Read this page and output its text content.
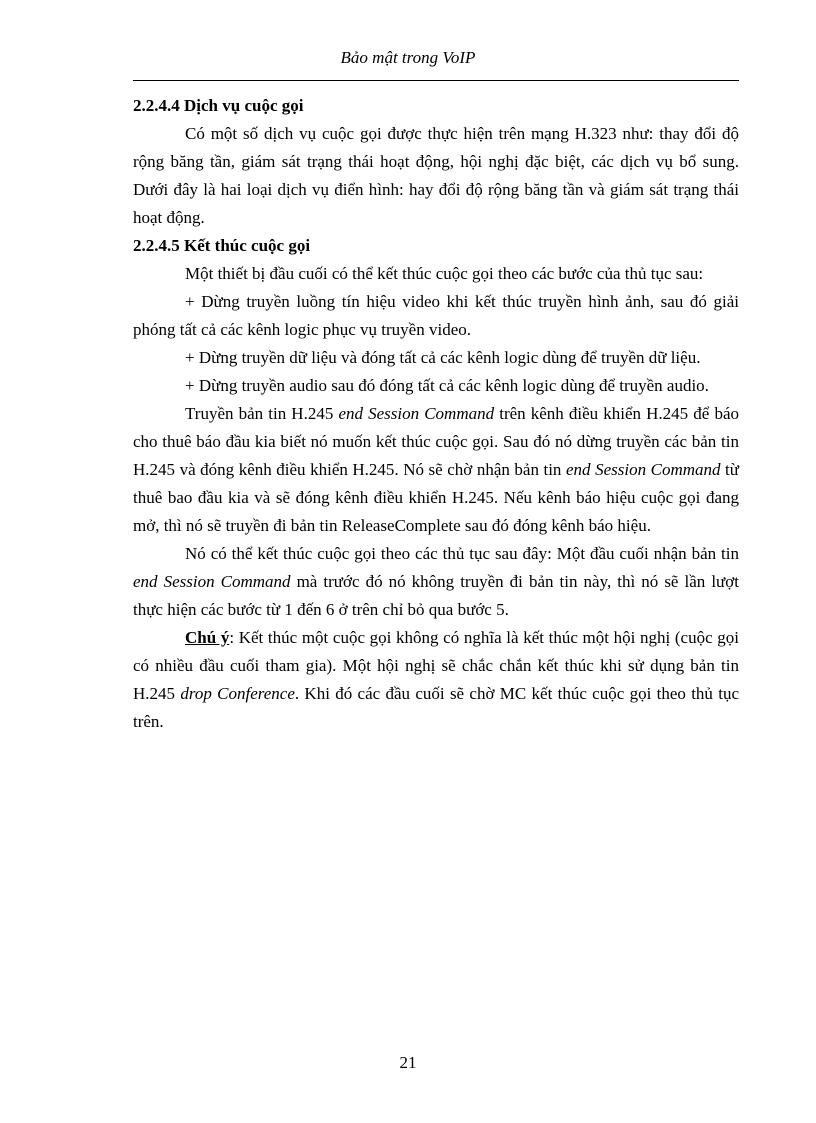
Bảo mật trong VoIP
2.2.4.4 Dịch vụ cuộc gọi

Có một số dịch vụ cuộc gọi được thực hiện trên mạng H.323 như: thay đổi độ rộng băng tần, giám sát trạng thái hoạt động, hội nghị đặc biệt, các dịch vụ bổ sung. Dưới đây là hai loại dịch vụ điển hình: hay đổi độ rộng băng tần và giám sát trạng thái hoạt động.

2.2.4.5 Kết thúc cuộc gọi

Một thiết bị đầu cuối có thể kết thúc cuộc gọi theo các bước của thủ tục sau:

+ Dừng truyền luồng tín hiệu video khi kết thúc truyền hình ảnh, sau đó giải phóng tất cả các kênh logic phục vụ truyền video.

+ Dừng truyền dữ liệu và đóng tất cả các kênh logic dùng để truyền dữ liệu.

+ Dừng truyền audio sau đó đóng tất cả các kênh logic dùng để truyền audio.

Truyền bản tin H.245 end Session Command trên kênh điều khiển H.245 để báo cho thuê báo đầu kia biết nó muốn kết thúc cuộc gọi. Sau đó nó dừng truyền các bản tin H.245 và đóng kênh điều khiển H.245. Nó sẽ chờ nhận bản tin end Session Command từ thuê bao đầu kia và sẽ đóng kênh điều khiển H.245. Nếu kênh báo hiệu cuộc gọi đang mở, thì nó sẽ truyền đi bản tin ReleaseComplete sau đó đóng kênh báo hiệu.

Nó có thể kết thúc cuộc gọi theo các thủ tục sau đây: Một đầu cuối nhận bản tin end Session Command mà trước đó nó không truyền đi bản tin này, thì nó sẽ lần lượt thực hiện các bước từ 1 đến 6 ở trên chỉ bỏ qua bước 5.

Chú ý: Kết thúc một cuộc gọi không có nghĩa là kết thúc một hội nghị (cuộc gọi có nhiều đầu cuối tham gia). Một hội nghị sẽ chắc chắn kết thúc khi sử dụng bản tin H.245 drop Conference. Khi đó các đầu cuối sẽ chờ MC kết thúc cuộc gọi theo thủ tục trên.

21
